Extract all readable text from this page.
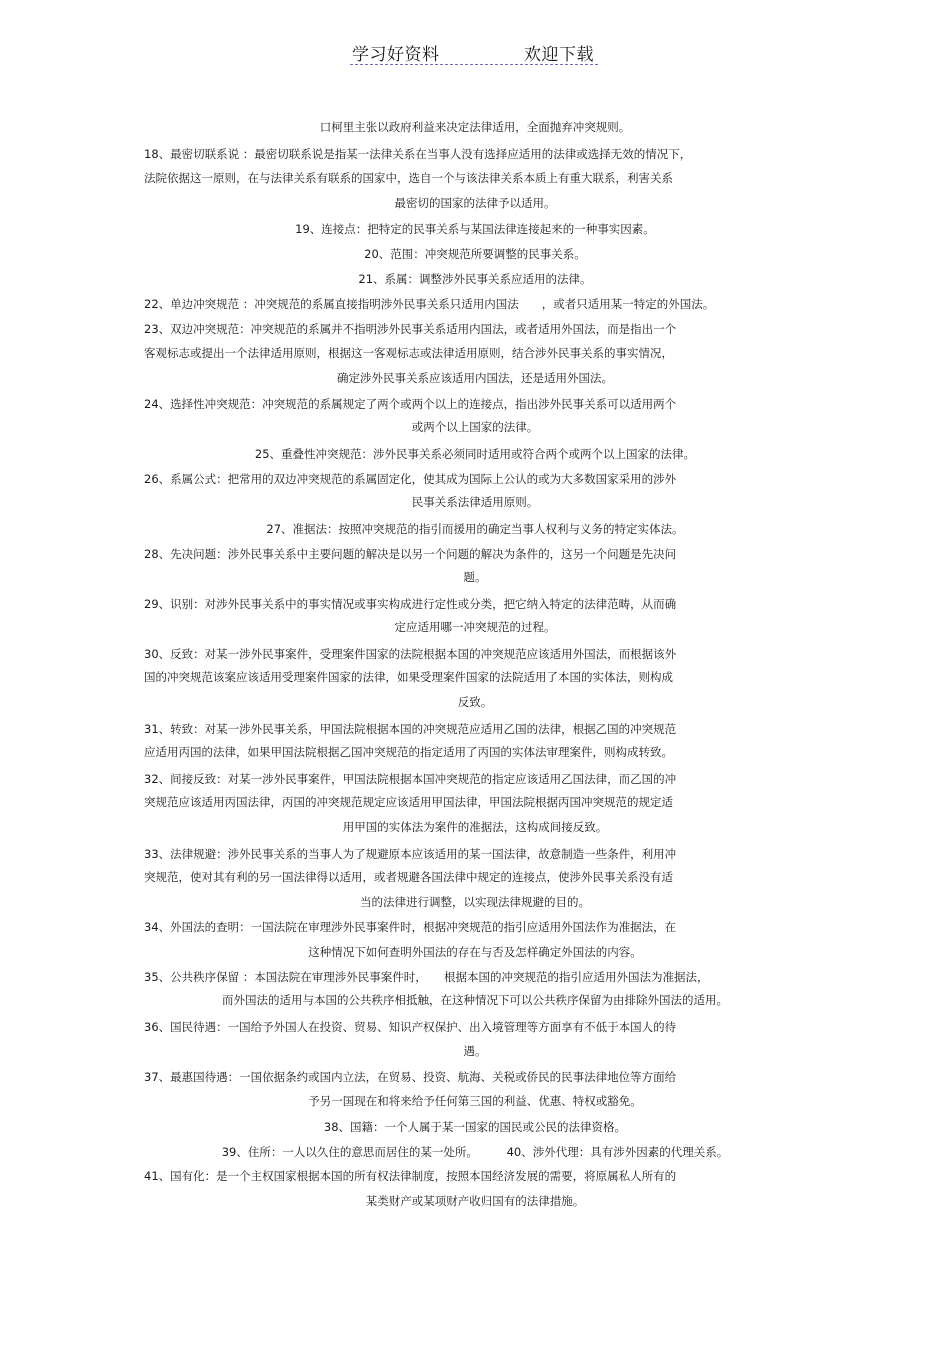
学习好资料	欢迎下载
口柯里主张以政府利益来决定法律适用，全面抛弃冲突规则。
18、最密切联系说 ：最密切联系说是指某一法律关系在当事人没有选择应适用的法律或选择无效的情况下，
法院依据这一原则，在与法律关系有联系的国家中，选自一个与该法律关系本质上有重大联系，利害关系
最密切的国家的法律予以适用。
19、连接点：把特定的民事关系与某国法律连接起来的一种事实因素。
20、范围：冲突规范所要调整的民事关系。
21、系属：调整涉外民事关系应适用的法律。
22、单边冲突规范 ：冲突规范的系属直接指明涉外民事关系只适用内国法　　，或者只适用某一特定的外国法。
23、双边冲突规范：冲突规范的系属并不指明涉外民事关系适用内国法，或者适用外国法，而是指出一个
客观标志或提出一个法律适用原则，根据这一客观标志或法律适用原则，结合涉外民事关系的事实情况，
确定涉外民事关系应该适用内国法，还是适用外国法。
24、选择性冲突规范：冲突规范的系属规定了两个或两个以上的连接点，指出涉外民事关系可以适用两个
或两个以上国家的法律。
25、重叠性冲突规范：涉外民事关系必须同时适用或符合两个或两个以上国家的法律。
26、系属公式：把常用的双边冲突规范的系属固定化，使其成为国际上公认的或为大多数国家采用的涉外
民事关系法律适用原则。
27、准据法：按照冲突规范的指引而援用的确定当事人权利与义务的特定实体法。
28、先决问题：涉外民事关系中主要问题的解决是以另一个问题的解决为条件的，这另一个问题是先决问
题。
29、识别：对涉外民事关系中的事实情况或事实构成进行定性或分类，把它纳入特定的法律范畴，从而确
定应适用哪一冲突规范的过程。
30、反致：对某一涉外民事案件，受理案件国家的法院根据本国的冲突规范应该适用外国法，而根据该外
国的冲突规范该案应该适用受理案件国家的法律，如果受理案件国家的法院适用了本国的实体法，则构成
反致。
31、转致：对某一涉外民事关系，甲国法院根据本国的冲突规范应适用乙国的法律，根据乙国的冲突规范
应适用丙国的法律，如果甲国法院根据乙国冲突规范的指定适用了丙国的实体法审理案件，则构成转致。
32、间接反致：对某一涉外民事案件，甲国法院根据本国冲突规范的指定应该适用乙国法律，而乙国的冲
突规范应该适用丙国法律，丙国的冲突规范规定应该适用甲国法律，甲国法院根据丙国冲突规范的规定适
用甲国的实体法为案件的准据法，这构成间接反致。
33、法律规避：涉外民事关系的当事人为了规避原本应该适用的某一国法律，故意制造一些条件，利用冲
突规范，使对其有利的另一国法律得以适用，或者规避各国法律中规定的连接点，使涉外民事关系没有适
当的法律进行调整，以实现法律规避的目的。
34、外国法的查明：一国法院在审理涉外民事案件时，根据冲突规范的指引应适用外国法作为准据法，在
这种情况下如何查明外国法的存在与否及怎样确定外国法的内容。
35、公共秩序保留 ：本国法院在审理涉外民事案件时，　　根据本国的冲突规范的指引应适用外国法为准据法，
而外国法的适用与本国的公共秩序相抵触，在这种情况下可以公共秩序保留为由排除外国法的适用。
36、国民待遇：一国给予外国人在投资、贸易、知识产权保护、出入境管理等方面享有不低于本国人的待
遇。
37、最惠国待遇：一国依据条约或国内立法，在贸易、投资、航海、关税或侨民的民事法律地位等方面给
予另一国现在和将来给予任何第三国的利益、优惠、特权或豁免。
38、国籍：一个人属于某一国家的国民或公民的法律资格。
39、住所：一人以久住的意思而居住的某一处所。　　　40、涉外代理：具有涉外因素的代理关系。
41、国有化：是一个主权国家根据本国的所有权法律制度，按照本国经济发展的需要，将原属私人所有的
某类财产或某项财产收归国有的法律措施。
